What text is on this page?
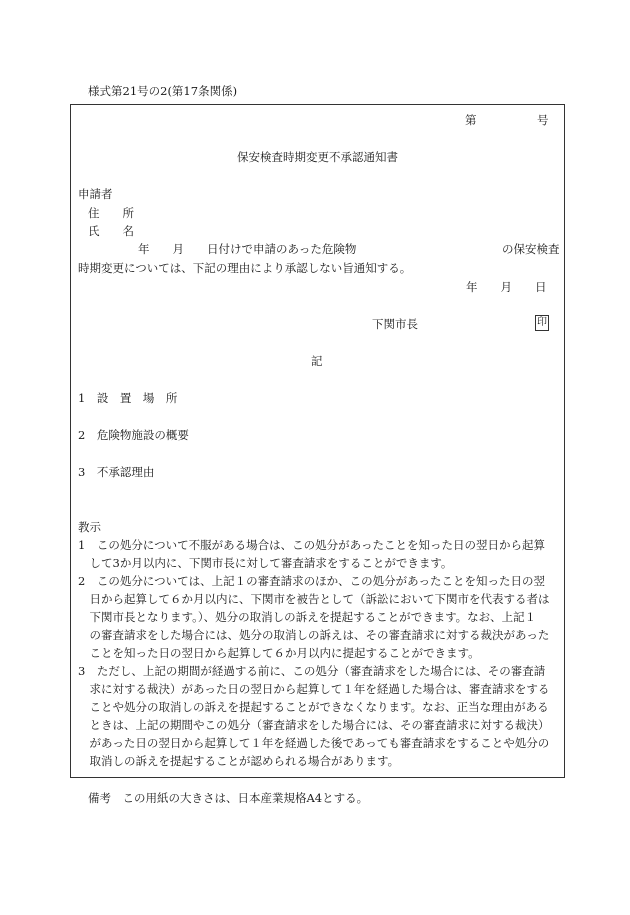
様式第21号の2(第17条関係)
第	号
保安検査時期変更不承認通知書
申請者
住　　所
氏　　名
年　　月　　日付けで申請のあった危険物	の保安検査
時期変更については、下記の理由により承認しない旨通知する。
年　　月　　日
下関市長	印
記
1　設　置　場　所
2　危険物施設の概要
3　不承認理由
教示
1　この処分について不服がある場合は、この処分があったことを知った日の翌日から起算
　して3か月以内に、下関市長に対して審査請求をすることができます。
2　この処分については、上記１の審査請求のほか、この処分があったことを知った日の翌
　日から起算して６か月以内に、下関市を被告として（訴訟において下関市を代表する者は
　下関市長となります。）、処分の取消しの訴えを提起することができます。なお、上記１
　の審査請求をした場合には、処分の取消しの訴えは、その審査請求に対する裁決があった
　ことを知った日の翌日から起算して６か月以内に提起することができます。
3　ただし、上記の期間が経過する前に、この処分（審査請求をした場合には、その審査請
　求に対する裁決）があった日の翌日から起算して１年を経過した場合は、審査請求をする
　ことや処分の取消しの訴えを提起することができなくなります。なお、正当な理由がある
　ときは、上記の期間やこの処分（審査請求をした場合には、その審査請求に対する裁決）
　があった日の翌日から起算して１年を経過した後であっても審査請求をすることや処分の
　取消しの訴えを提起することが認められる場合があります。
備考　この用紙の大きさは、日本産業規格A4とする。
